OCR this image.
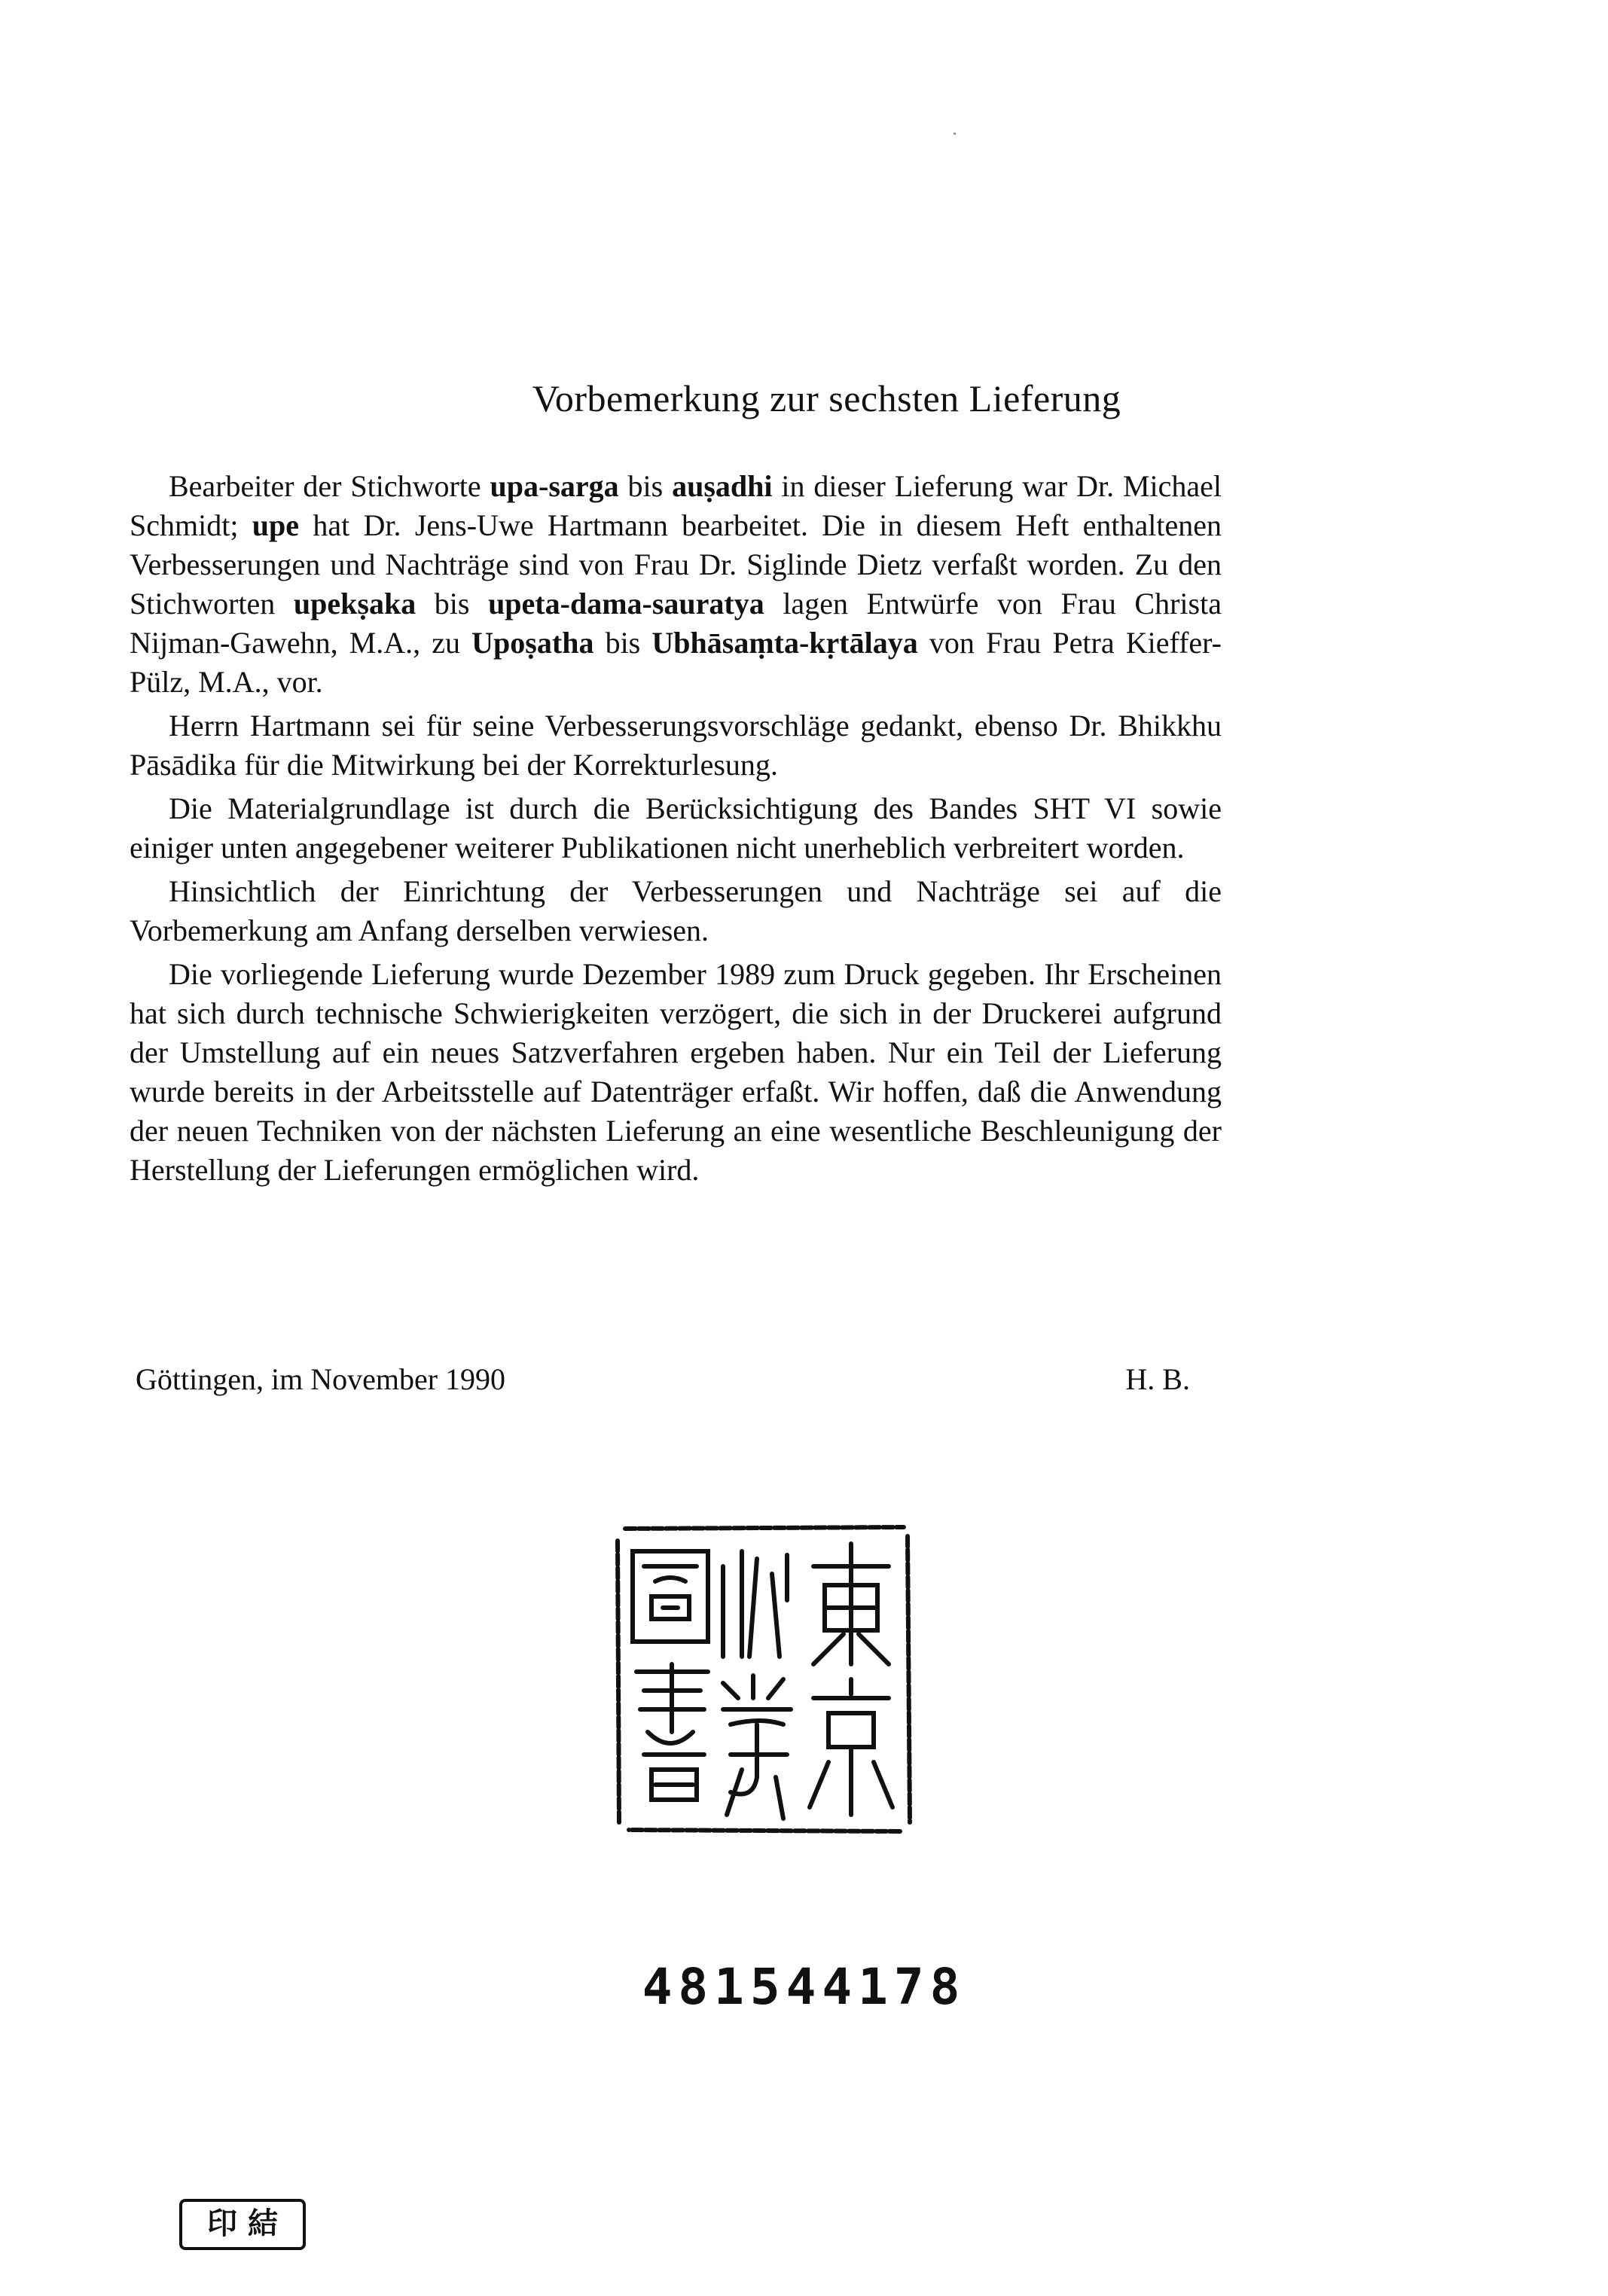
Vorbemerkung zur sechsten Lieferung

Bearbeiter der Stichworte upa-sarga bis auṣadhi in dieser Lieferung war Dr. Michael Schmidt; upe hat Dr. Jens-Uwe Hartmann bearbeitet. Die in diesem Heft enthaltenen Verbesserungen und Nachträge sind von Frau Dr. Siglinde Dietz verfaßt worden. Zu den Stichworten upekṣaka bis upeta-dama-sauratya lagen Entwürfe von Frau Christa Nijman-Gawehn, M.A., zu Upoṣatha bis Ubhāsaṃta-kṛtālaya von Frau Petra Kieffer-Pülz, M.A., vor.

Herrn Hartmann sei für seine Verbesserungsvorschläge gedankt, ebenso Dr. Bhikkhu Pāsādika für die Mitwirkung bei der Korrekturlesung.

Die Materialgrundlage ist durch die Berücksichtigung des Bandes SHT VI sowie einiger unten angegebener weiterer Publikationen nicht unerheblich verbreitert worden.

Hinsichtlich der Einrichtung der Verbesserungen und Nachträge sei auf die Vorbemerkung am Anfang derselben verwiesen.

Die vorliegende Lieferung wurde Dezember 1989 zum Druck gegeben. Ihr Erscheinen hat sich durch technische Schwierigkeiten verzögert, die sich in der Druckerei aufgrund der Umstellung auf ein neues Satzverfahren ergeben haben. Nur ein Teil der Lieferung wurde bereits in der Arbeitsstelle auf Datenträger erfaßt. Wir hoffen, daß die Anwendung der neuen Techniken von der nächsten Lieferung an eine wesentliche Beschleunigung der Herstellung der Lieferungen ermöglichen wird.

Göttingen, im November 1990	H. B.
481544178
印 結
